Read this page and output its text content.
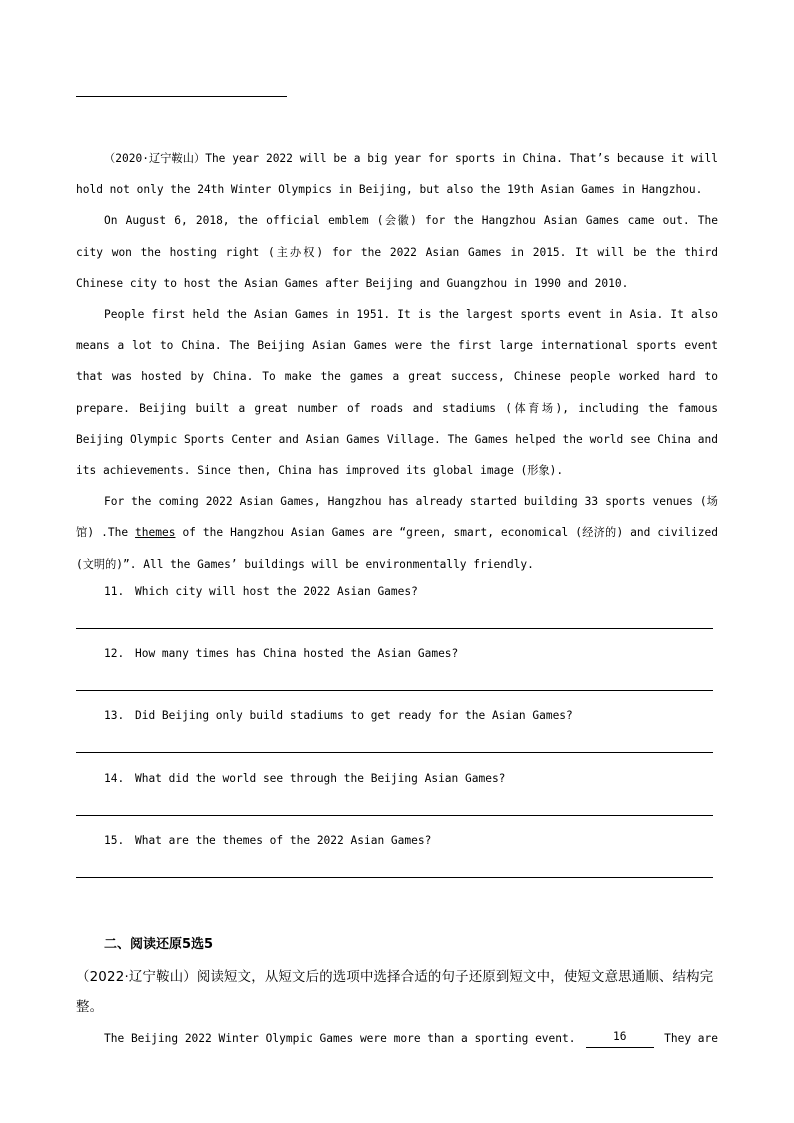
（2020·辽宁鞍山）The year 2022 will be a big year for sports in China. That’s because it will hold not only the 24th Winter Olympics in Beijing, but also the 19th Asian Games in Hangzhou.

On August 6, 2018, the official emblem (会徽) for the Hangzhou Asian Games came out. The city won the hosting right (主办权) for the 2022 Asian Games in 2015. It will be the third Chinese city to host the Asian Games after Beijing and Guangzhou in 1990 and 2010.

People first held the Asian Games in 1951. It is the largest sports event in Asia. It also means a lot to China. The Beijing Asian Games were the first large international sports event that was hosted by China. To make the games a great success, Chinese people worked hard to prepare. Beijing built a great number of roads and stadiums (体育场), including the famous Beijing Olympic Sports Center and Asian Games Village. The Games helped the world see China and its achievements. Since then, China has improved its global image (形象).

For the coming 2022 Asian Games, Hangzhou has already started building 33 sports venues (场馆) .The themes of the Hangzhou Asian Games are “green, smart, economical (经济的) and civilized (文明的)”. All the Games’ buildings will be environmentally friendly.

11. Which city will host the 2022 Asian Games?
12. How many times has China hosted the Asian Games?
13. Did Beijing only build stadiums to get ready for the Asian Games?
14. What did the world see through the Beijing Asian Games?
15. What are the themes of the 2022 Asian Games?
二、阅读还原5选5
（2022·辽宁鞍山）阅读短文，从短文后的选项中选择合适的句子还原到短文中，使短文意思通顺、结构完整。
The Beijing 2022 Winter Olympic Games were more than a sporting event.	16	They are
